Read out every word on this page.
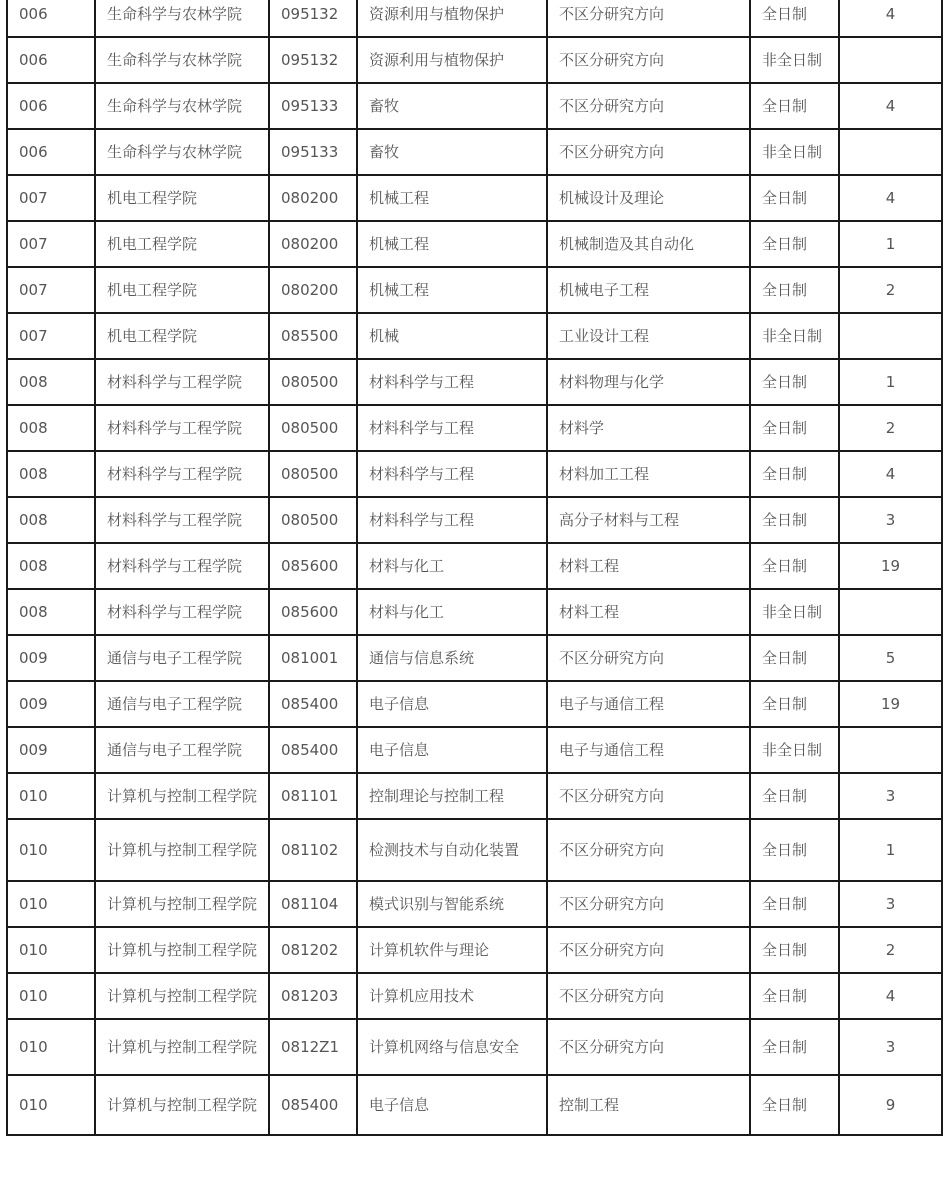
006	生命科学与农林学院	095132	资源利用与植物保护	不区分研究方向	全日制	4
006	生命科学与农林学院	095132	资源利用与植物保护	不区分研究方向	非全日制	
006	生命科学与农林学院	095133	畜牧	不区分研究方向	全日制	4
006	生命科学与农林学院	095133	畜牧	不区分研究方向	非全日制	
007	机电工程学院	080200	机械工程	机械设计及理论	全日制	4
007	机电工程学院	080200	机械工程	机械制造及其自动化	全日制	1
007	机电工程学院	080200	机械工程	机械电子工程	全日制	2
007	机电工程学院	085500	机械	工业设计工程	非全日制	
008	材料科学与工程学院	080500	材料科学与工程	材料物理与化学	全日制	1
008	材料科学与工程学院	080500	材料科学与工程	材料学	全日制	2
008	材料科学与工程学院	080500	材料科学与工程	材料加工工程	全日制	4
008	材料科学与工程学院	080500	材料科学与工程	高分子材料与工程	全日制	3
008	材料科学与工程学院	085600	材料与化工	材料工程	全日制	19
008	材料科学与工程学院	085600	材料与化工	材料工程	非全日制	
009	通信与电子工程学院	081001	通信与信息系统	不区分研究方向	全日制	5
009	通信与电子工程学院	085400	电子信息	电子与通信工程	全日制	19
009	通信与电子工程学院	085400	电子信息	电子与通信工程	非全日制	
010	计算机与控制工程学院	081101	控制理论与控制工程	不区分研究方向	全日制	3
010	计算机与控制工程学院	081102	检测技术与自动化装置	不区分研究方向	全日制	1
010	计算机与控制工程学院	081104	模式识别与智能系统	不区分研究方向	全日制	3
010	计算机与控制工程学院	081202	计算机软件与理论	不区分研究方向	全日制	2
010	计算机与控制工程学院	081203	计算机应用技术	不区分研究方向	全日制	4
010	计算机与控制工程学院	0812Z1	计算机网络与信息安全	不区分研究方向	全日制	3
010	计算机与控制工程学院	085400	电子信息	控制工程	全日制	9
